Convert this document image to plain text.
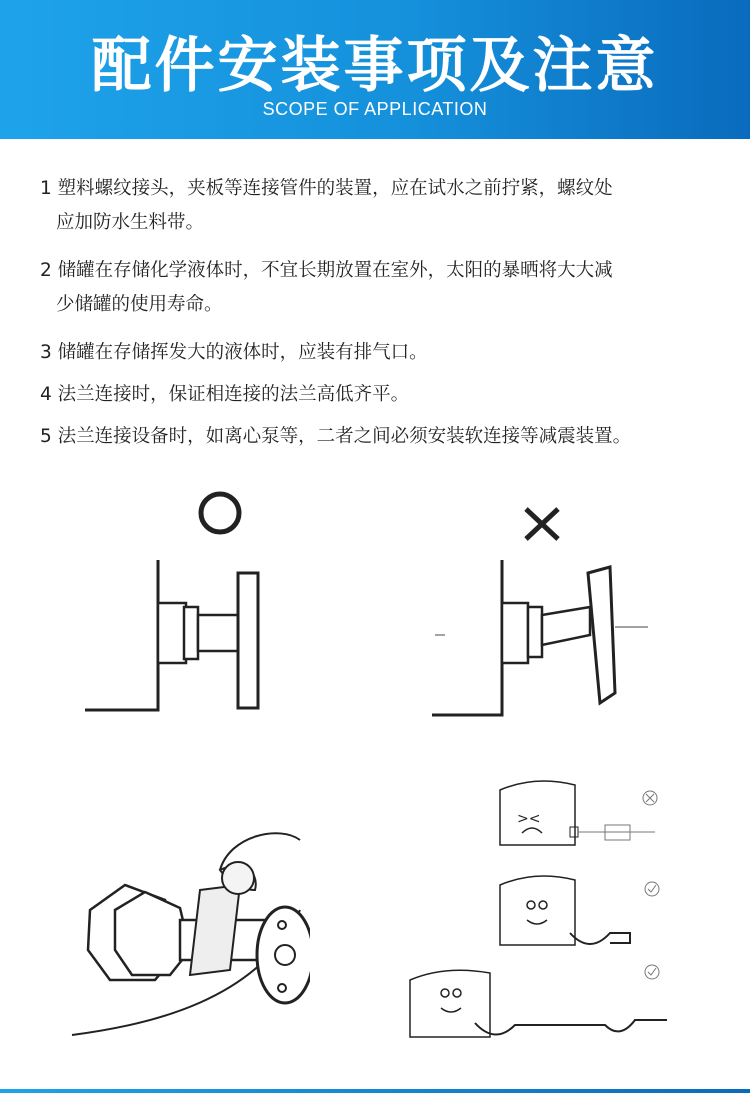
配件安装事项及注意
SCOPE OF APPLICATION
1 塑料螺纹接头，夹板等连接管件的装置，应在试水之前拧紧，螺纹处
应加防水生料带。
2 储罐在存储化学液体时，不宜长期放置在室外，太阳的暴晒将大大减
少储罐的使用寿命。
3 储罐在存储挥发大的液体时，应装有排气口。
4 法兰连接时，保证相连接的法兰高低齐平。
5 法兰连接设备时，如离心泵等，二者之间必须安装软连接等减震装置。
><
